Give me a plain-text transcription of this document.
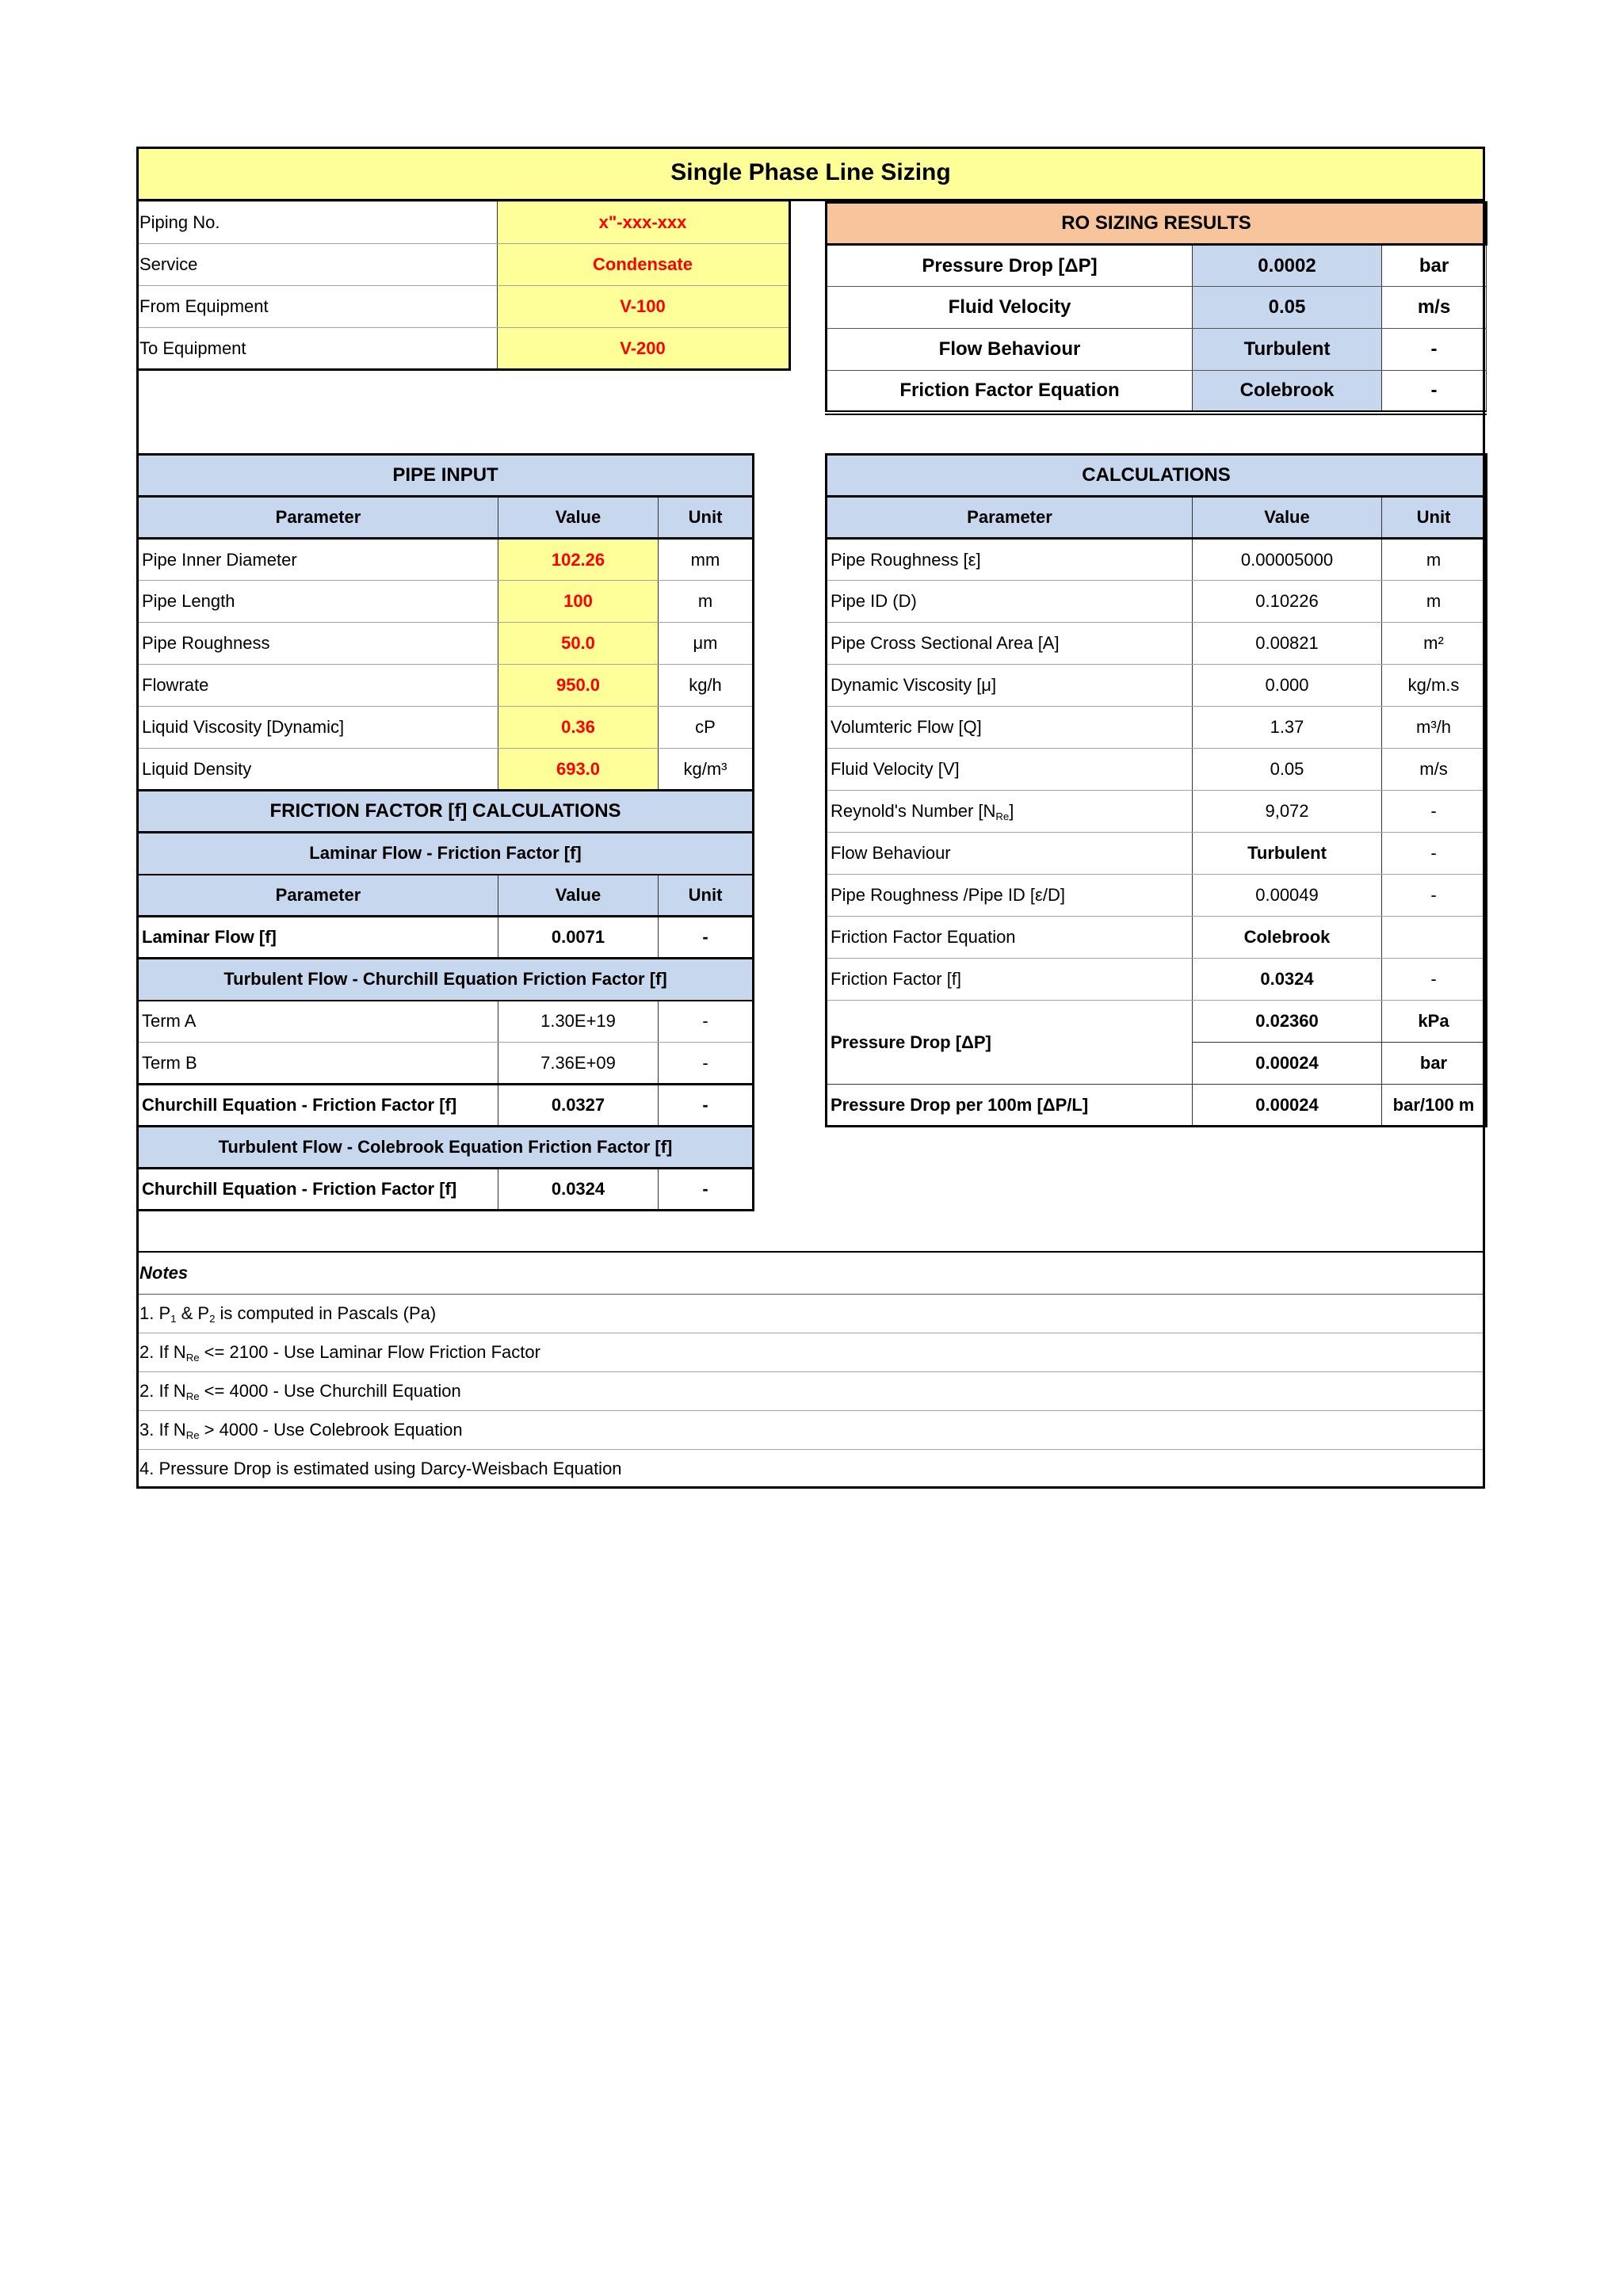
Single Phase Line Sizing
Piping No.	x"-xxx-xxx
Service	Condensate
From Equipment	V-100
To Equipment	V-200
RO SIZING RESULTS		
Pressure Drop [ΔP]	0.0002	bar
Fluid Velocity	0.05	m/s
Flow Behaviour	Turbulent	-
Friction Factor Equation	Colebrook	-
PIPE INPUT		
Parameter	Value	Unit
Pipe Inner Diameter	102.26	mm
Pipe Length	100	m
Pipe Roughness	50.0	μm
Flowrate	950.0	kg/h
Liquid Viscosity [Dynamic]	0.36	cP
Liquid Density	693.0	kg/m³
FRICTION FACTOR [f] CALCULATIONS		
Laminar Flow - Friction Factor [f]		
Parameter	Value	Unit
Laminar Flow [f]	0.0071	-
Turbulent Flow - Churchill Equation Friction Factor [f]		
Term A	1.30E+19	-
Term B	7.36E+09	-
Churchill Equation - Friction Factor [f]	0.0327	-
Turbulent Flow - Colebrook Equation Friction Factor [f]		
Churchill Equation - Friction Factor [f]	0.0324	-
CALCULATIONS		
Parameter	Value	Unit
Pipe Roughness [ε]	0.00005000	m
Pipe ID (D)	0.10226	m
Pipe Cross Sectional Area [A]	0.00821	m²
Dynamic Viscosity [μ]	0.000	kg/m.s
Volumteric Flow [Q]	1.37	m³/h
Fluid Velocity [V]	0.05	m/s
Reynold's Number $[N_{Re}]$	9,072	-
Flow Behaviour	Turbulent	-
Pipe Roughness /Pipe ID [ε/D]	0.00049	-
Friction Factor Equation	Colebrook	
Friction Factor [f]	0.0324	-
Pressure Drop [ΔP]	0.02360	kPa
	0.00024	bar
Pressure Drop per 100m [ΔP/L]	0.00024	bar/100 m
Notes
1. $P_1$ & $P_2$ is computed in Pascals (Pa)
2. If $N_{Re} <= 2100$ - Use Laminar Flow Friction Factor
2. If $N_{Re} <= 4000$ - Use Churchill Equation
3. If $N_{Re} > 4000$ - Use Colebrook Equation
4. Pressure Drop is estimated using Darcy-Weisbach Equation
